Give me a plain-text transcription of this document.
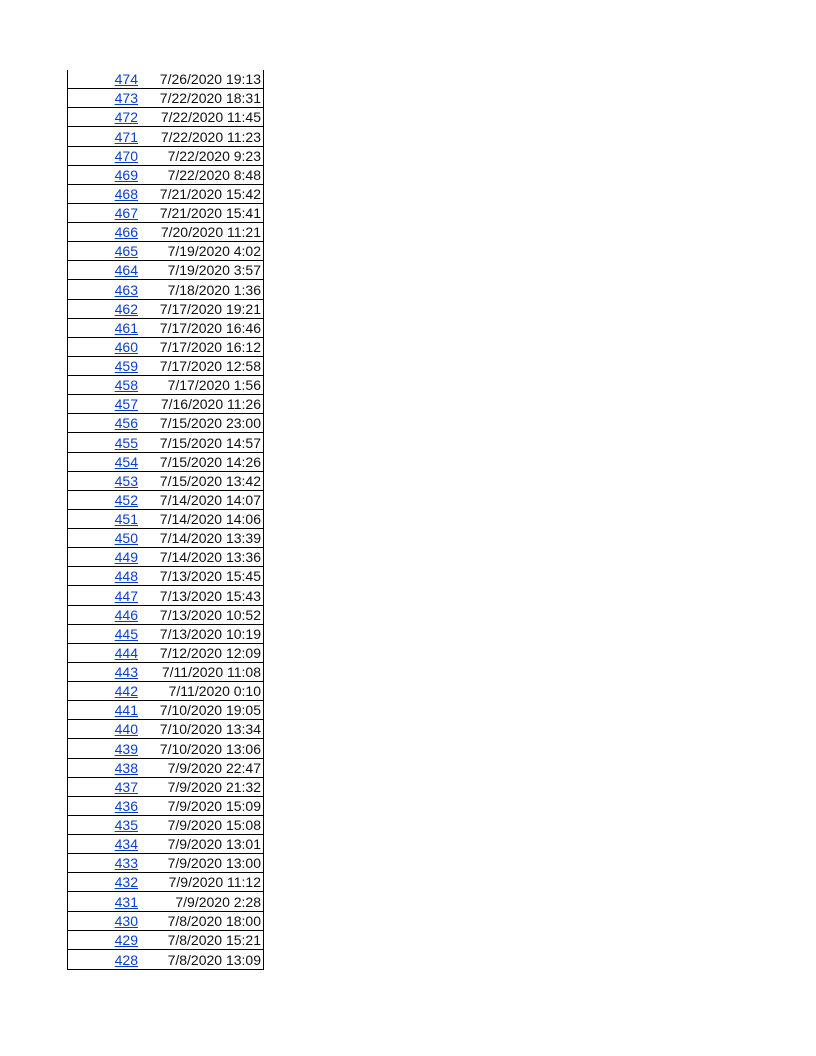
474	7/26/2020 19:13
473	7/22/2020 18:31
472	7/22/2020 11:45
471	7/22/2020 11:23
470	7/22/2020 9:23
469	7/22/2020 8:48
468	7/21/2020 15:42
467	7/21/2020 15:41
466	7/20/2020 11:21
465	7/19/2020 4:02
464	7/19/2020 3:57
463	7/18/2020 1:36
462	7/17/2020 19:21
461	7/17/2020 16:46
460	7/17/2020 16:12
459	7/17/2020 12:58
458	7/17/2020 1:56
457	7/16/2020 11:26
456	7/15/2020 23:00
455	7/15/2020 14:57
454	7/15/2020 14:26
453	7/15/2020 13:42
452	7/14/2020 14:07
451	7/14/2020 14:06
450	7/14/2020 13:39
449	7/14/2020 13:36
448	7/13/2020 15:45
447	7/13/2020 15:43
446	7/13/2020 10:52
445	7/13/2020 10:19
444	7/12/2020 12:09
443	7/11/2020 11:08
442	7/11/2020 0:10
441	7/10/2020 19:05
440	7/10/2020 13:34
439	7/10/2020 13:06
438	7/9/2020 22:47
437	7/9/2020 21:32
436	7/9/2020 15:09
435	7/9/2020 15:08
434	7/9/2020 13:01
433	7/9/2020 13:00
432	7/9/2020 11:12
431	7/9/2020 2:28
430	7/8/2020 18:00
429	7/8/2020 15:21
428	7/8/2020 13:09
